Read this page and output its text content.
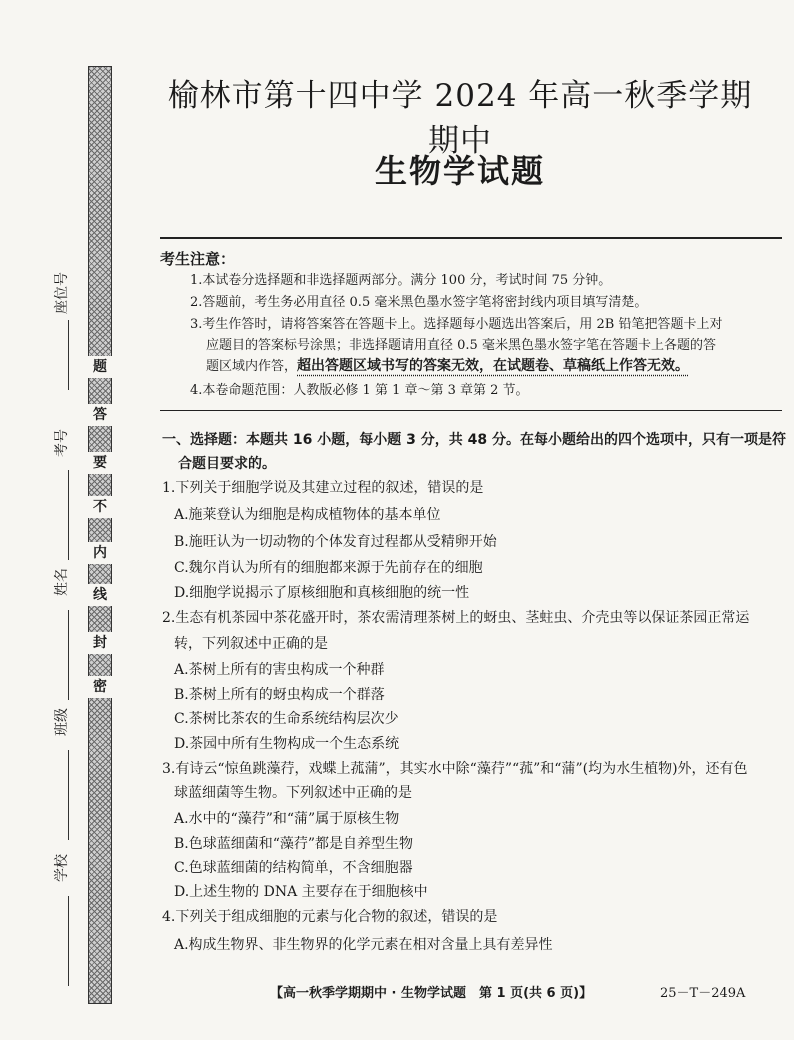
题
答
要
不
内
线
封
密
座位号
考号
姓名
班级
学校
榆林市第十四中学 2024 年高一秋季学期期中
生物学试题
考生注意：
1.本试卷分选择题和非选择题两部分。满分 100 分，考试时间 75 分钟。
2.答题前，考生务必用直径 0.5 毫米黑色墨水签字笔将密封线内项目填写清楚。
3.考生作答时，请将答案答在答题卡上。选择题每小题选出答案后，用 2B 铅笔把答题卡上对
应题目的答案标号涂黑；非选择题请用直径 0.5 毫米黑色墨水签字笔在答题卡上各题的答
题区域内作答，超出答题区域书写的答案无效，在试题卷、草稿纸上作答无效。
4.本卷命题范围：人教版必修 1 第 1 章～第 3 章第 2 节。
一、选择题：本题共 16 小题，每小题 3 分，共 48 分。在每小题给出的四个选项中，只有一项是符
合题目要求的。
1.下列关于细胞学说及其建立过程的叙述，错误的是
A.施莱登认为细胞是构成植物体的基本单位
B.施旺认为一切动物的个体发育过程都从受精卵开始
C.魏尔肖认为所有的细胞都来源于先前存在的细胞
D.细胞学说揭示了原核细胞和真核细胞的统一性
2.生态有机茶园中茶花盛开时，茶农需清理茶树上的蚜虫、茎蛀虫、介壳虫等以保证茶园正常运
转，下列叙述中正确的是
A.茶树上所有的害虫构成一个种群
B.茶树上所有的蚜虫构成一个群落
C.茶树比茶农的生命系统结构层次少
D.茶园中所有生物构成一个生态系统
3.有诗云“惊鱼跳藻荇，戏蝶上菰蒲”，其实水中除“藻荇”“菰”和“蒲”(均为水生植物)外，还有色
球蓝细菌等生物。下列叙述中正确的是
A.水中的“藻荇”和“蒲”属于原核生物
B.色球蓝细菌和“藻荇”都是自养型生物
C.色球蓝细菌的结构简单，不含细胞器
D.上述生物的 DNA 主要存在于细胞核中
4.下列关于组成细胞的元素与化合物的叙述，错误的是
A.构成生物界、非生物界的化学元素在相对含量上具有差异性
【高一秋季学期期中 · 生物学试题　第 1 页(共 6 页)】	25－T－249A
